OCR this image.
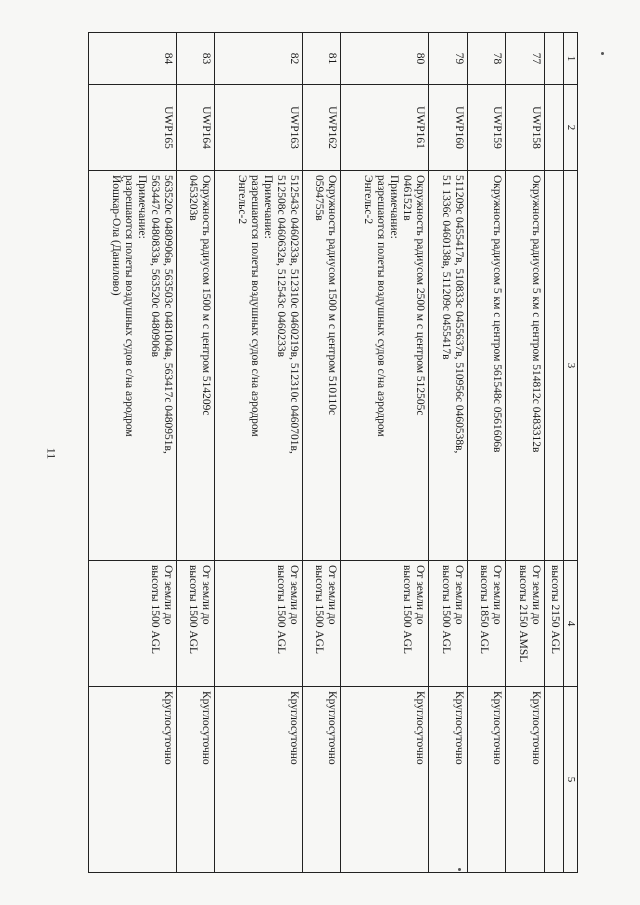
11
1	2	3	4	5
			высоты 2150 AGL	
77	UWP158	Окружность радиусом 5 км с центром 514812с 0483312в	От земли до
высоты 2150 AMSL	Круглосуточно
78	UWP159	Окружность радиусом 5 км с центром 561548с 0561606в	От земли до
высоты 1850 AGL	Круглосуточно
79	UWP160	511209с 0455417в, 510833с 0455637в, 510956с 0460538в,
51 1336с 0460138в, 511209с 0455417в	От земли до
высоты 1500 AGL	Круглосуточно
80	UWP161	Окружность радиусом 2500 м с центром 512505с
0461521в
Примечание:
разрешаются полеты воздушных судов с/на аэродром
Энгельс-2	От земли до
высоты 1500 AGL	Круглосуточно
81	UWP162	Окружность радиусом 1500 м с центром 510110с
0594755в	От земли до
высоты 1500 AGL	Круглосуточно
82	UWP163	512543с 0460233в, 512310с 0460219в, 512310с 0460701в,
512508с 0460632в, 512543с 0460233в
Примечание:
разрешаются полеты воздушных судов с/на аэродром
Энгельс-2	От земли до
высоты 1500 AGL	Круглосуточно
83	UWP164	Окружность радиусом 1500 м с центром 514209с
0453203в	От земли до
высоты 1500 AGL	Круглосуточно
84	UWP165	563520с 0480906в, 563503с 0481004в, 563417с 0480951в,
563447с 0480833в, 563520с 0480906в
Примечание:
разрешаются полеты воздушных судов с/на аэродром
Йошкар-Ола (Данилово)	От земли до
высоты 1500 AGL	Круглосуточно
